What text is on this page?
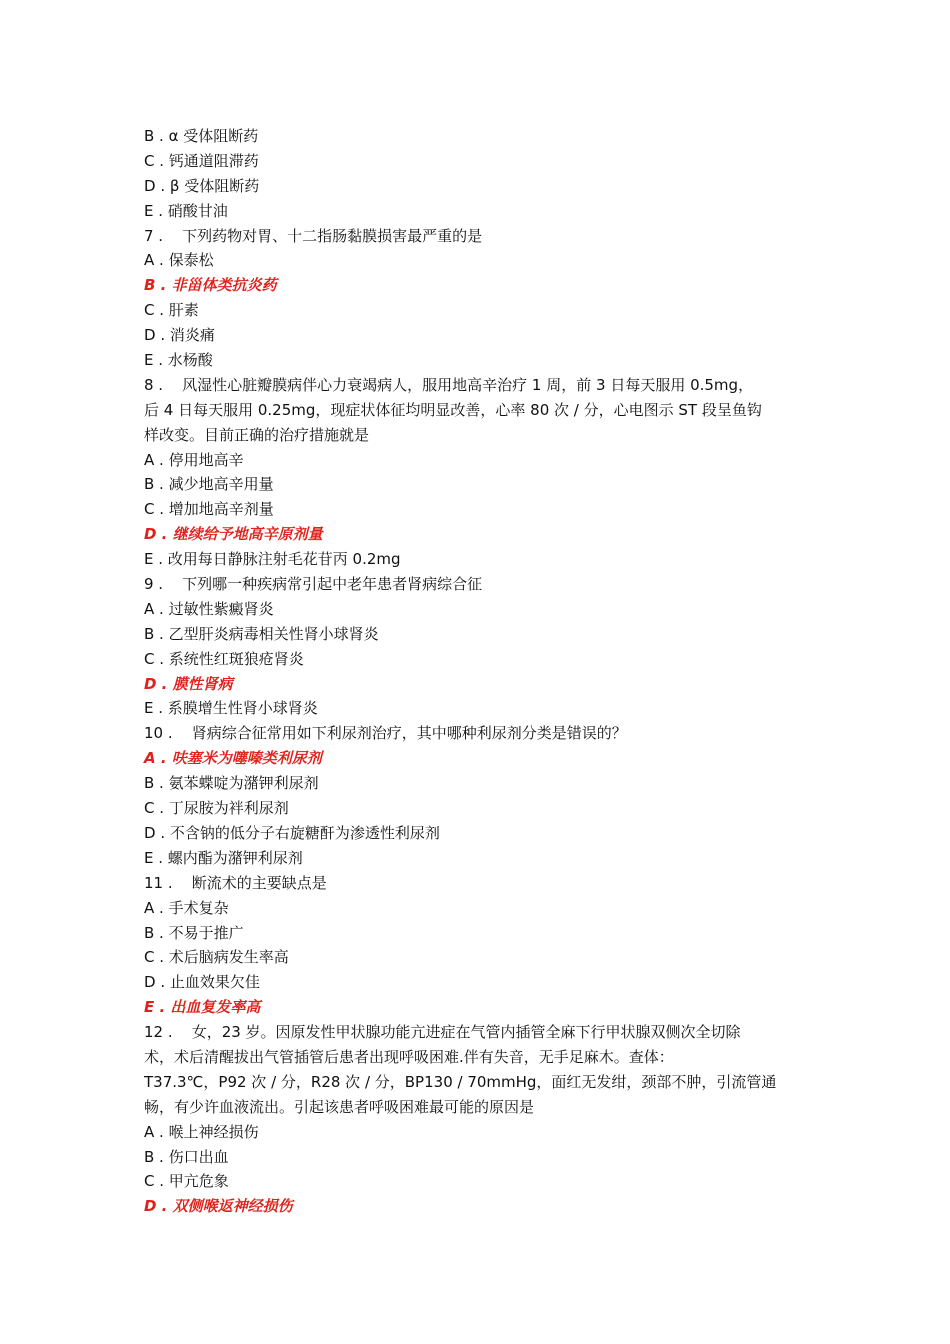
B . α 受体阻断药
C . 钙通道阻滞药
D . β 受体阻断药
E . 硝酸甘油
7 .    下列药物对胃、十二指肠黏膜损害最严重的是
A . 保泰松
B . 非甾体类抗炎药
C . 肝素
D . 消炎痛
E . 水杨酸
8 .    风湿性心脏瓣膜病伴心力衰竭病人，服用地高辛治疗 1 周，前 3 日每天服用 0.5mg，
后 4 日每天服用 0.25mg，现症状体征均明显改善，心率 80 次 / 分，心电图示 ST 段呈鱼钩
样改变。目前正确的治疗措施就是
A . 停用地高辛
B . 减少地高辛用量
C . 增加地高辛剂量
D . 继续给予地高辛原剂量
E . 改用每日静脉注射毛花苷丙 0.2mg
9 .    下列哪一种疾病常引起中老年患者肾病综合征
A . 过敏性紫癜肾炎
B . 乙型肝炎病毒相关性肾小球肾炎
C . 系统性红斑狼疮肾炎
D . 膜性肾病
E . 系膜增生性肾小球肾炎
10 .    肾病综合征常用如下利尿剂治疗，其中哪种利尿剂分类是错误的？
A . 呋塞米为噻嗪类利尿剂
B . 氨苯蝶啶为潴钾利尿剂
C . 丁尿胺为袢利尿剂
D . 不含钠的低分子右旋糖酐为渗透性利尿剂
E . 螺内酯为潴钾利尿剂
11 .    断流术的主要缺点是
A . 手术复杂
B . 不易于推广
C . 术后脑病发生率高
D . 止血效果欠佳
E . 出血复发率高
12 .    女，23 岁。因原发性甲状腺功能亢进症在气管内插管全麻下行甲状腺双侧次全切除
术，术后清醒拔出气管插管后患者出现呼吸困难.伴有失音，无手足麻木。查体：
T37.3℃，P92 次 / 分，R28 次 / 分，BP130 / 70mmHg，面红无发绀，颈部不肿，引流管通
畅，有少许血液流出。引起该患者呼吸困难最可能的原因是
A . 喉上神经损伤
B . 伤口出血
C . 甲亢危象
D . 双侧喉返神经损伤
